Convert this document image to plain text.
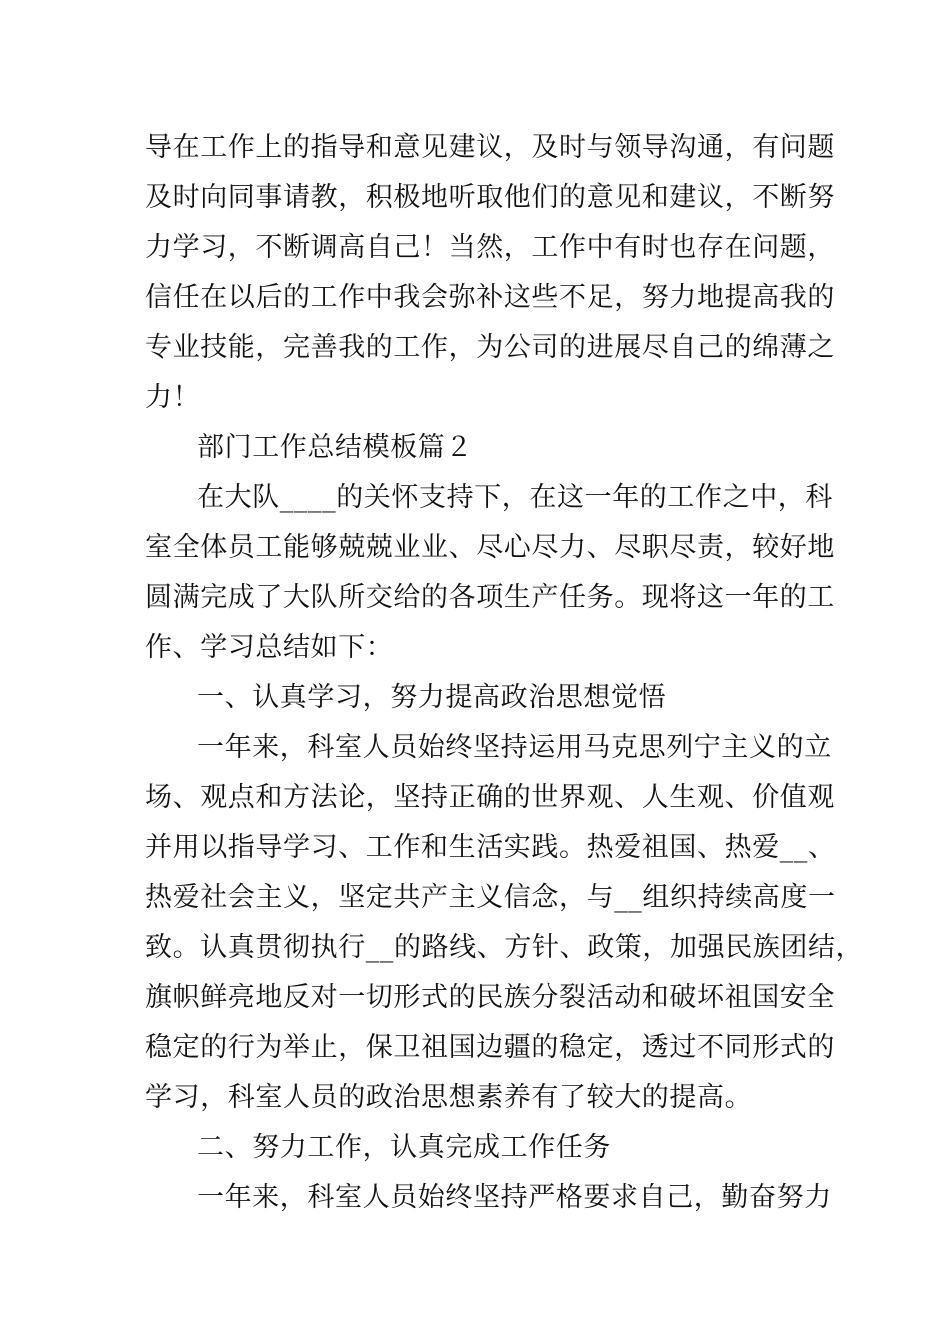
导在工作上的指导和意见建议，及时与领导沟通，有问题
及时向同事请教，积极地听取他们的意见和建议，不断努
力学习，不断调高自己！当然，工作中有时也存在问题，
信任在以后的工作中我会弥补这些不足，努力地提高我的
专业技能，完善我的工作，为公司的进展尽自己的绵薄之
力！
部门工作总结模板篇２
在大队____的关怀支持下，在这一年的工作之中，科
室全体员工能够兢兢业业、尽心尽力、尽职尽责，较好地
圆满完成了大队所交给的各项生产任务。现将这一年的工
作、学习总结如下：
一、认真学习，努力提高政治思想觉悟
一年来，科室人员始终坚持运用马克思列宁主义的立
场、观点和方法论，坚持正确的世界观、人生观、价值观
并用以指导学习、工作和生活实践。热爱祖国、热爱__、
热爱社会主义，坚定共产主义信念，与__组织持续高度一
致。认真贯彻执行__的路线、方针、政策，加强民族团结，
旗帜鲜亮地反对一切形式的民族分裂活动和破坏祖国安全
稳定的行为举止，保卫祖国边疆的稳定，透过不同形式的
学习，科室人员的政治思想素养有了较大的提高。
二、努力工作，认真完成工作任务
一年来，科室人员始终坚持严格要求自己，勤奋努力
